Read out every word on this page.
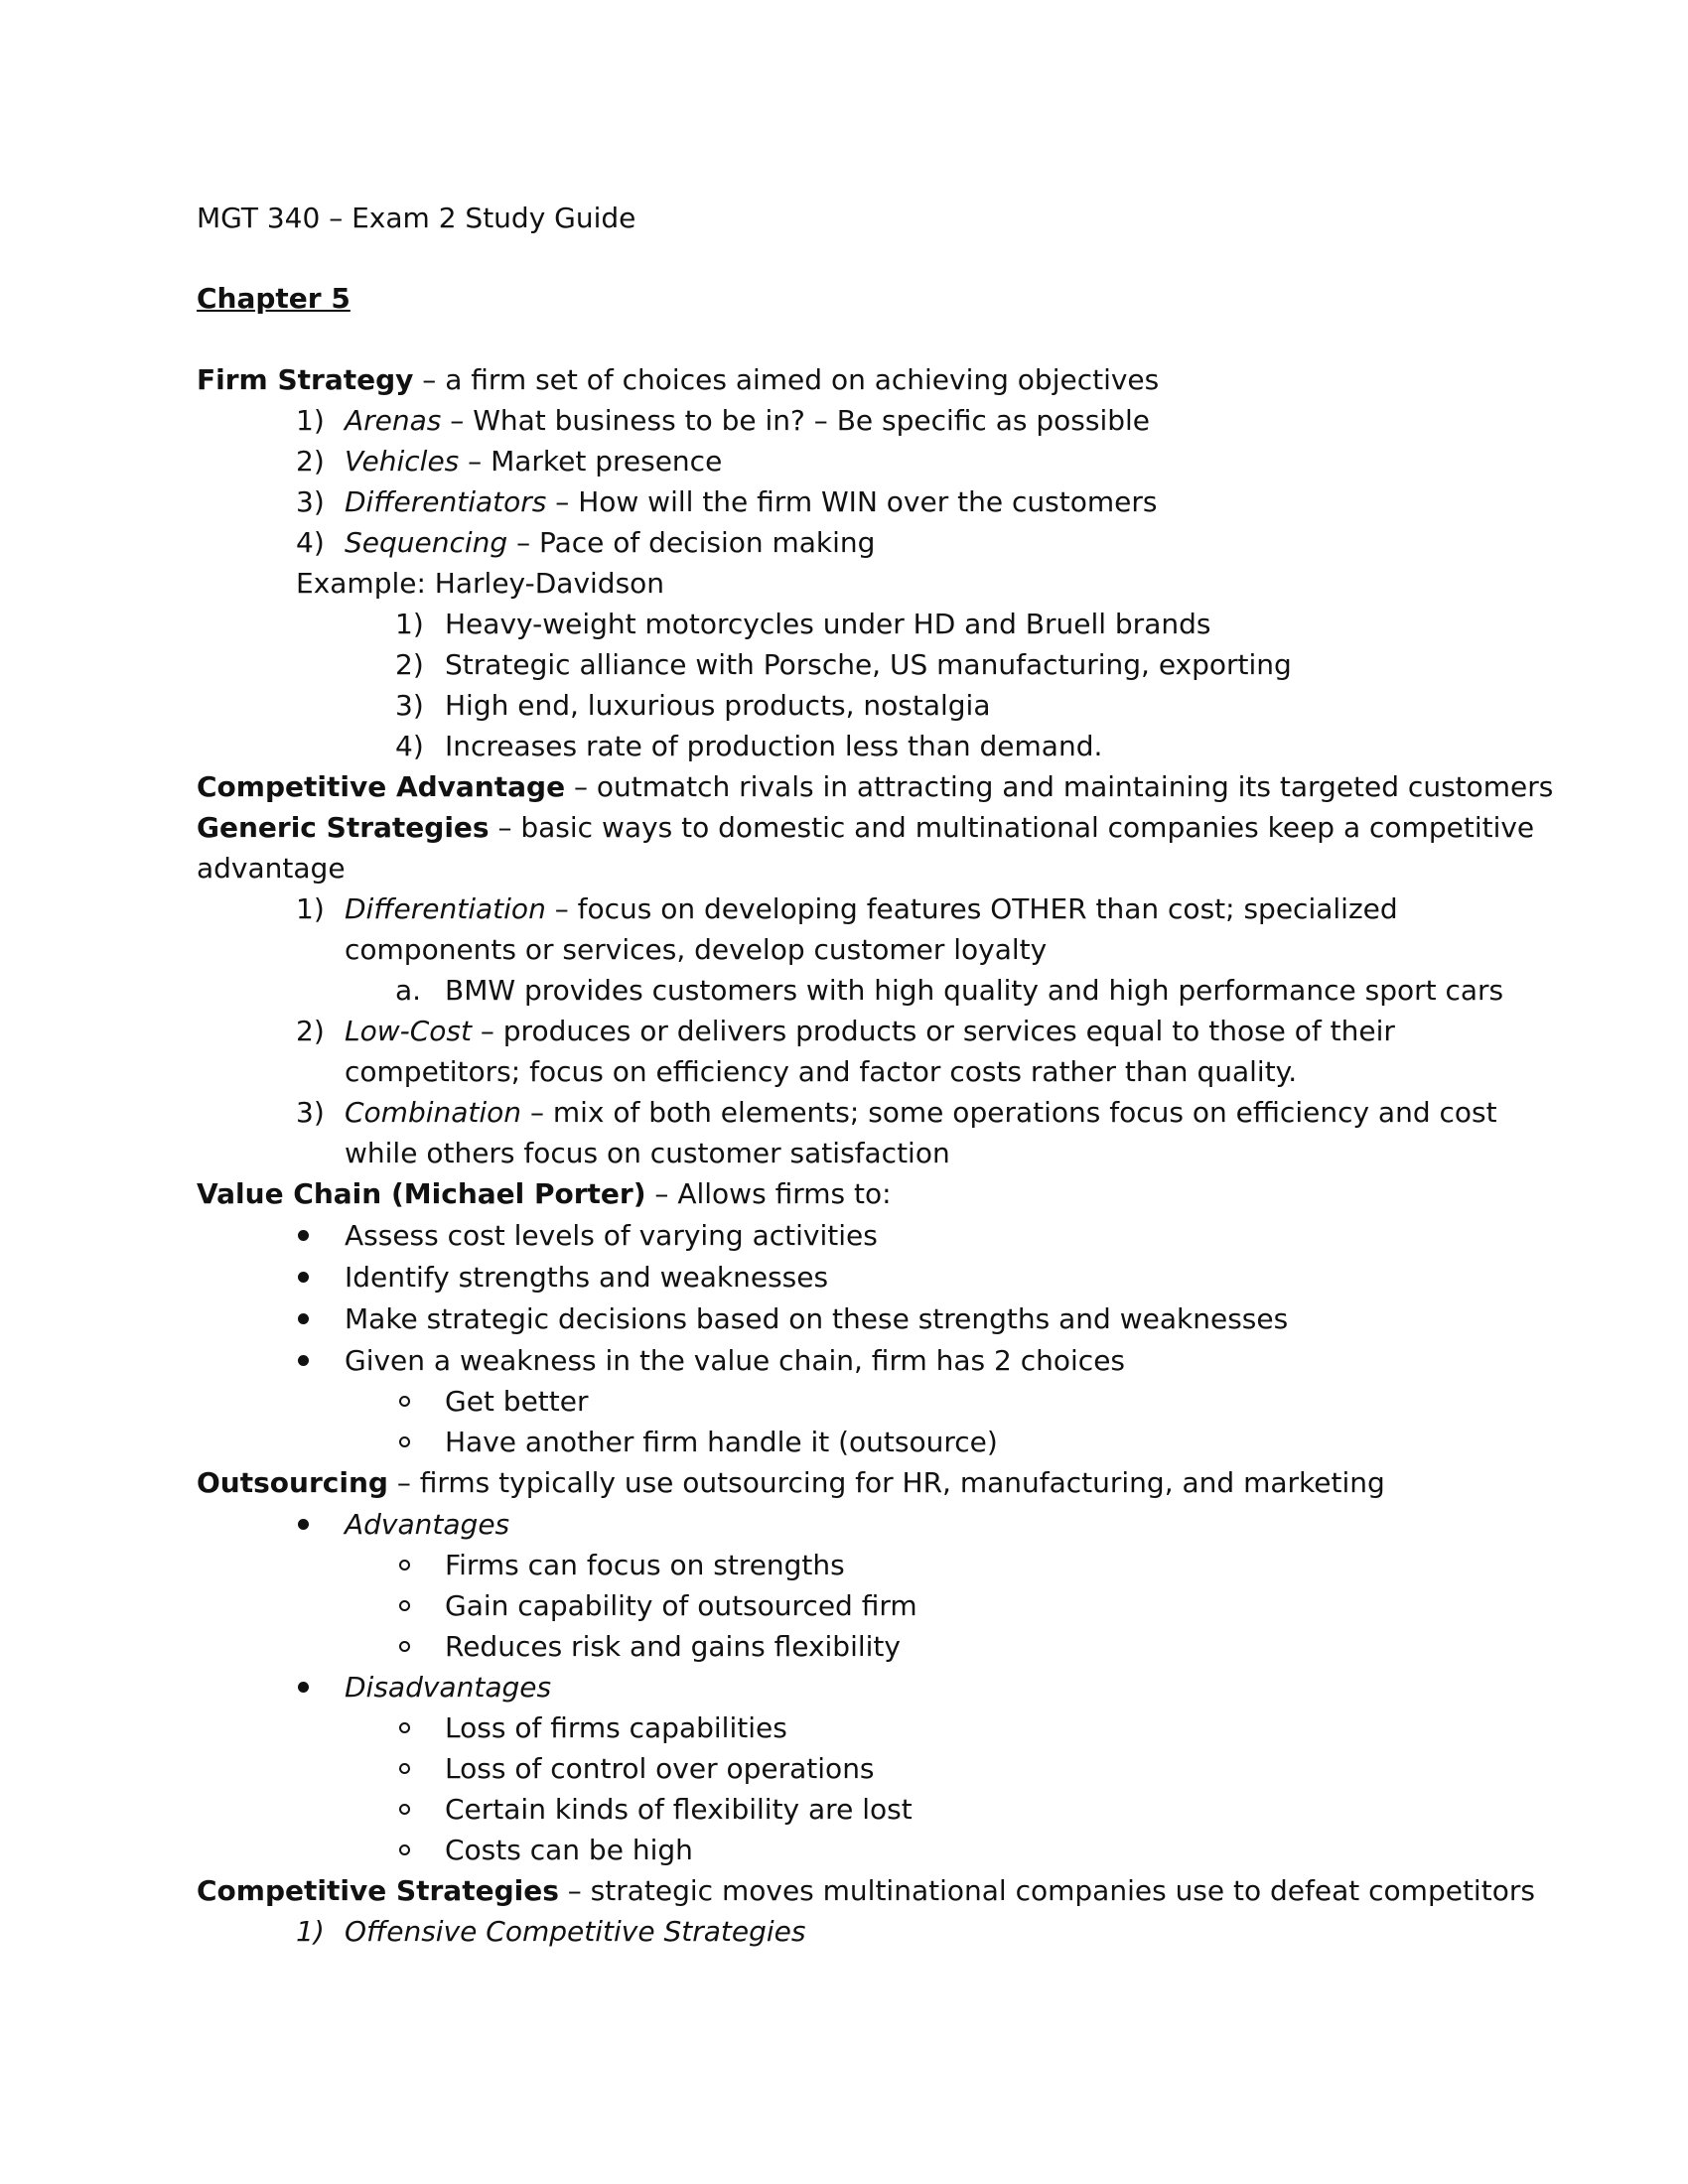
MGT 340 – Exam 2 Study Guide
Chapter 5
Firm Strategy – a firm set of choices aimed on achieving objectives
1) Arenas – What business to be in? – Be specific as possible
2) Vehicles – Market presence
3) Differentiators – How will the firm WIN over the customers
4) Sequencing – Pace of decision making
Example: Harley-Davidson
1) Heavy-weight motorcycles under HD and Bruell brands
2) Strategic alliance with Porsche, US manufacturing, exporting
3) High end, luxurious products, nostalgia
4) Increases rate of production less than demand.
Competitive Advantage – outmatch rivals in attracting and maintaining its targeted customers
Generic Strategies – basic ways to domestic and multinational companies keep a competitive
advantage
1) Differentiation – focus on developing features OTHER than cost; specialized
components or services, develop customer loyalty
a. BMW provides customers with high quality and high performance sport cars
2) Low-Cost – produces or delivers products or services equal to those of their
competitors; focus on efficiency and factor costs rather than quality.
3) Combination – mix of both elements; some operations focus on efficiency and cost
while others focus on customer satisfaction
Value Chain (Michael Porter) – Allows firms to:
Assess cost levels of varying activities
Identify strengths and weaknesses
Make strategic decisions based on these strengths and weaknesses
Given a weakness in the value chain, firm has 2 choices
Get better
Have another firm handle it (outsource)
Outsourcing – firms typically use outsourcing for HR, manufacturing, and marketing
Advantages
Firms can focus on strengths
Gain capability of outsourced firm
Reduces risk and gains flexibility
Disadvantages
Loss of firms capabilities
Loss of control over operations
Certain kinds of flexibility are lost
Costs can be high
Competitive Strategies – strategic moves multinational companies use to defeat competitors
1) Offensive Competitive Strategies
